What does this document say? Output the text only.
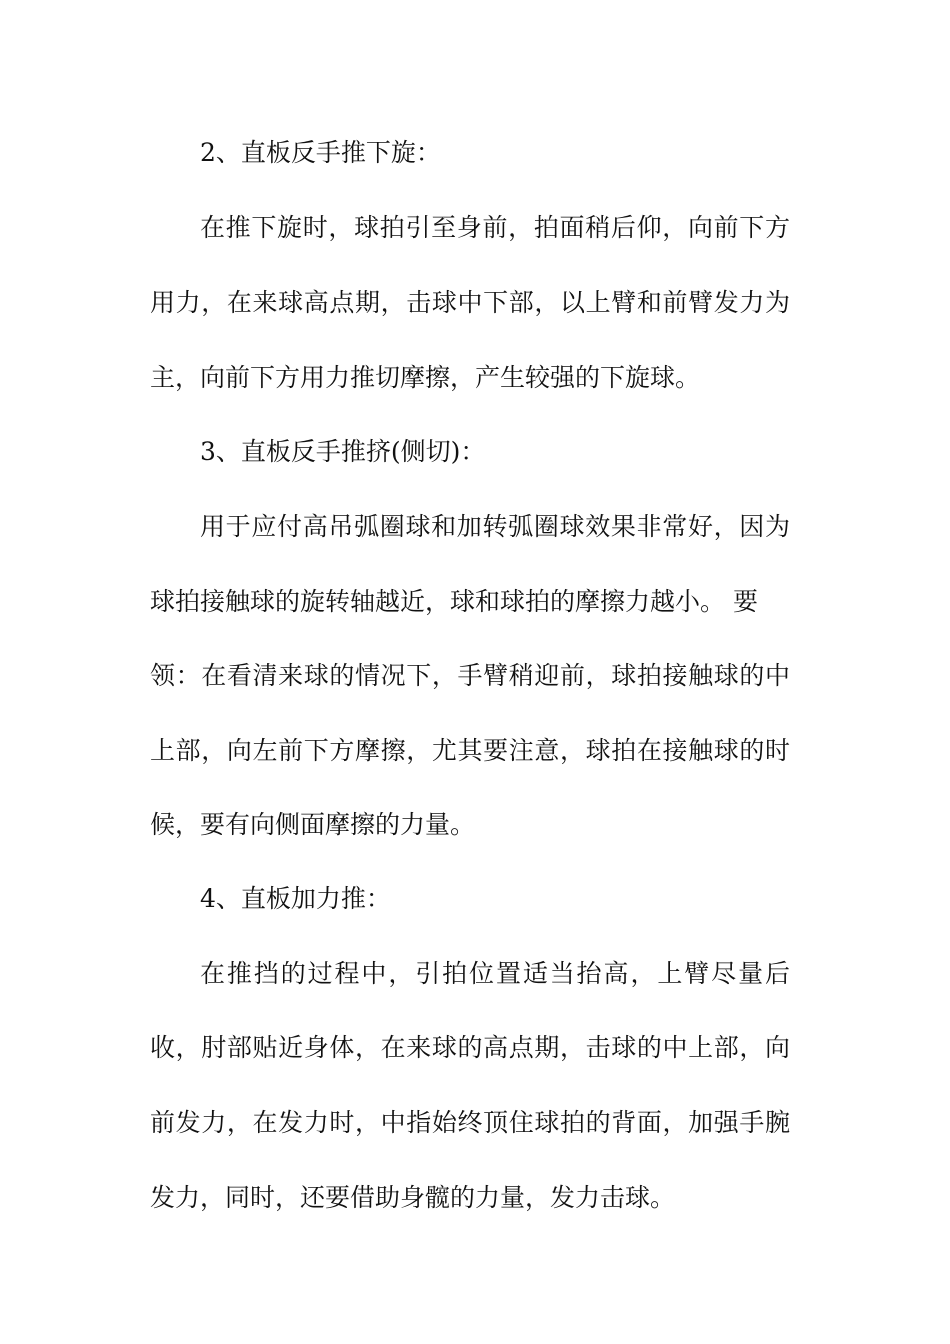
2、直板反手推下旋：
在推下旋时，球拍引至身前，拍面稍后仰，向前下方
用力，在来球高点期，击球中下部，以上臂和前臂发力为
主，向前下方用力推切摩擦，产生较强的下旋球。
3、直板反手推挤(侧切)：
用于应付高吊弧圈球和加转弧圈球效果非常好，因为
球拍接触球的旋转轴越近，球和球拍的摩擦力越小。 要
领：在看清来球的情况下，手臂稍迎前，球拍接触球的中
上部，向左前下方摩擦，尤其要注意，球拍在接触球的时
候，要有向侧面摩擦的力量。
4、直板加力推：
在推挡的过程中，引拍位置适当抬高，上臂尽量后
收，肘部贴近身体，在来球的高点期，击球的中上部，向
前发力，在发力时，中指始终顶住球拍的背面，加强手腕
发力，同时，还要借助身髋的力量，发力击球。
